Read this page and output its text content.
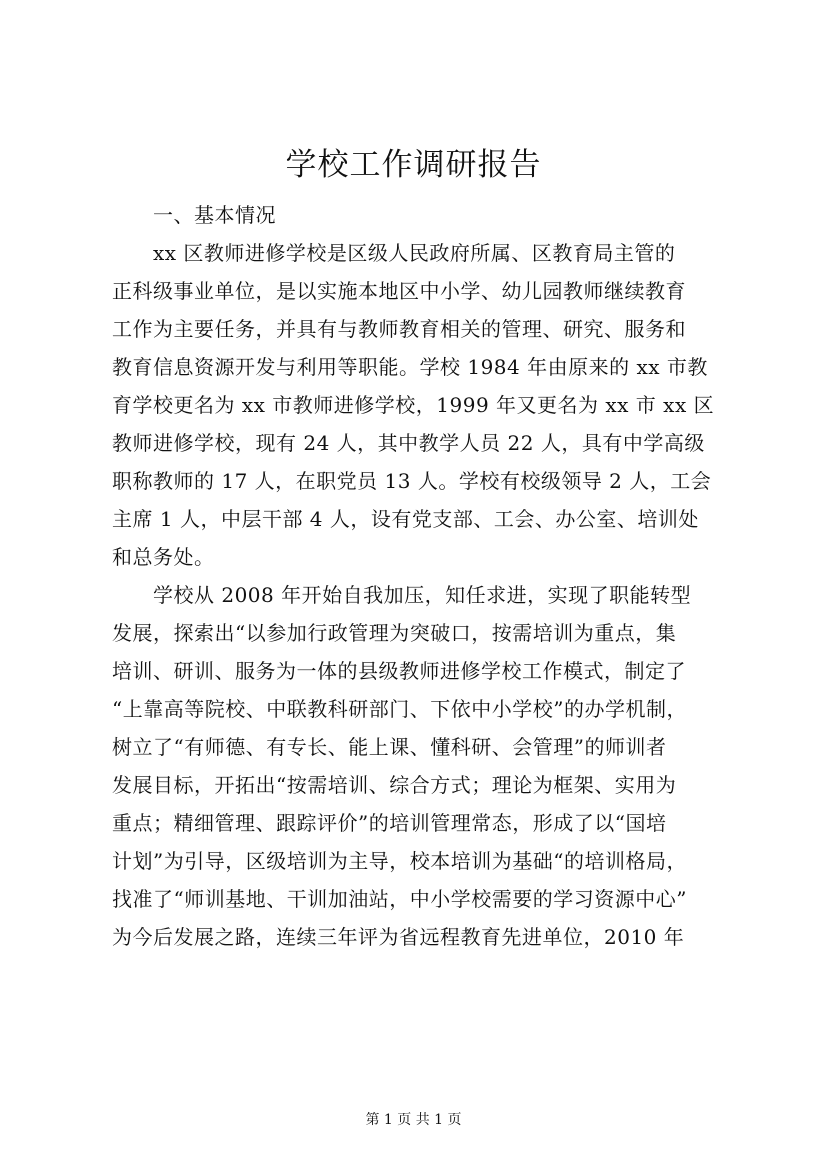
学校工作调研报告
一、基本情况
xx 区教师进修学校是区级人民政府所属、区教育局主管的
正科级事业单位，是以实施本地区中小学、幼儿园教师继续教育
工作为主要任务，并具有与教师教育相关的管理、研究、服务和
教育信息资源开发与利用等职能。学校 1984 年由原来的 xx 市教
育学校更名为 xx 市教师进修学校，1999 年又更名为 xx 市 xx 区
教师进修学校，现有 24 人，其中教学人员 22 人，具有中学高级
职称教师的 17 人，在职党员 13 人。学校有校级领导 2 人，工会
主席 1 人，中层干部 4 人，设有党支部、工会、办公室、培训处
和总务处。
学校从 2008 年开始自我加压，知任求进，实现了职能转型
发展，探索出“以参加行政管理为突破口，按需培训为重点，集
培训、研训、服务为一体的县级教师进修学校工作模式，制定了
“上靠高等院校、中联教科研部门、下依中小学校”的办学机制，
树立了“有师德、有专长、能上课、懂科研、会管理”的师训者
发展目标，开拓出“按需培训、综合方式；理论为框架、实用为
重点；精细管理、跟踪评价”的培训管理常态，形成了以“国培
计划”为引导，区级培训为主导，校本培训为基础“的培训格局，
找准了“师训基地、干训加油站，中小学校需要的学习资源中心”
为今后发展之路，连续三年评为省远程教育先进单位，2010 年
第 1 页 共 1 页
